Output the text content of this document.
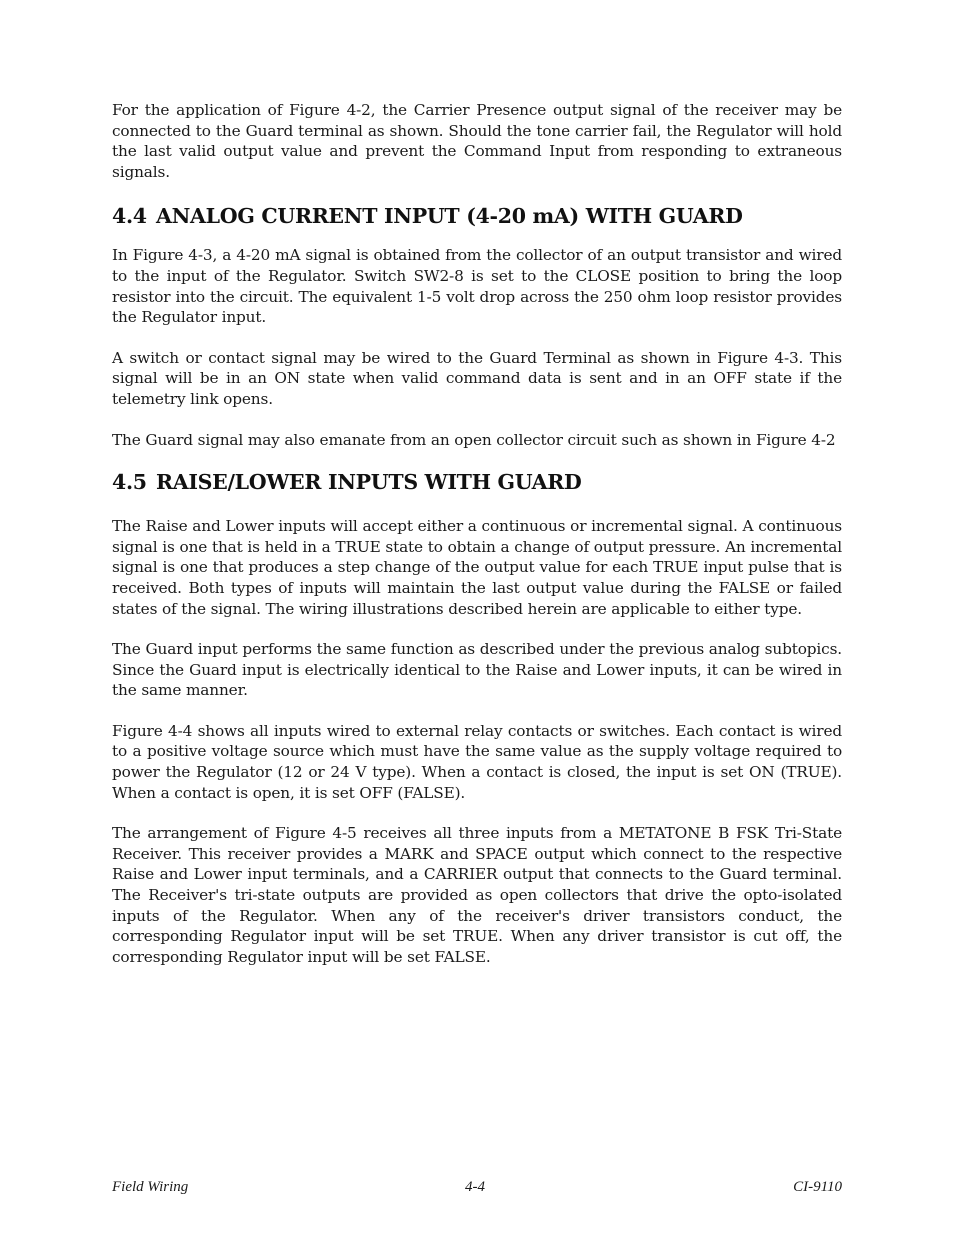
For the application of Figure 4-2, the Carrier Presence output signal of the receiver may be connected to the Guard terminal as shown. Should the tone carrier fail, the Regulator will hold the last valid output value and prevent the Command Input from responding to extraneous signals.

4.4 ANALOG CURRENT INPUT (4-20 mA) WITH GUARD

In Figure 4-3, a 4-20 mA signal is obtained from the collector of an output transistor and wired to the input of the Regulator. Switch SW2-8 is set to the CLOSE position to bring the loop resistor into the circuit. The equivalent 1-5 volt drop across the 250 ohm loop resistor provides the Regulator input.

A switch or contact signal may be wired to the Guard Terminal as shown in Figure 4-3. This signal will be in an ON state when valid command data is sent and in an OFF state if the telemetry link opens.

The Guard signal may also emanate from an open collector circuit such as shown in Figure 4-2

4.5 RAISE/LOWER INPUTS WITH GUARD

The Raise and Lower inputs will accept either a continuous or incremental signal. A continuous signal is one that is held in a TRUE state to obtain a change of output pressure. An incremental signal is one that produces a step change of the output value for each TRUE input pulse that is received. Both types of inputs will maintain the last output value during the FALSE or failed states of the signal. The wiring illustrations described herein are applicable to either type.

The Guard input performs the same function as described under the previous analog subtopics. Since the Guard input is electrically identical to the Raise and Lower inputs, it can be wired in the same manner.

Figure 4-4 shows all inputs wired to external relay contacts or switches. Each contact is wired to a positive voltage source which must have the same value as the supply voltage required to power the Regulator (12 or 24 V type). When a contact is closed, the input is set ON (TRUE). When a contact is open, it is set OFF (FALSE).

The arrangement of Figure 4-5 receives all three inputs from a METATONE B FSK Tri-State Receiver. This receiver provides a MARK and SPACE output which connect to the respective Raise and Lower input terminals, and a CARRIER output that connects to the Guard terminal. The Receiver's tri-state outputs are provided as open collectors that drive the opto-isolated inputs of the Regulator. When any of the receiver's driver transistors conduct, the corresponding Regulator input will be set TRUE. When any driver transistor is cut off, the corresponding Regulator input will be set FALSE.

Field Wiring	4-4	CI-9110
